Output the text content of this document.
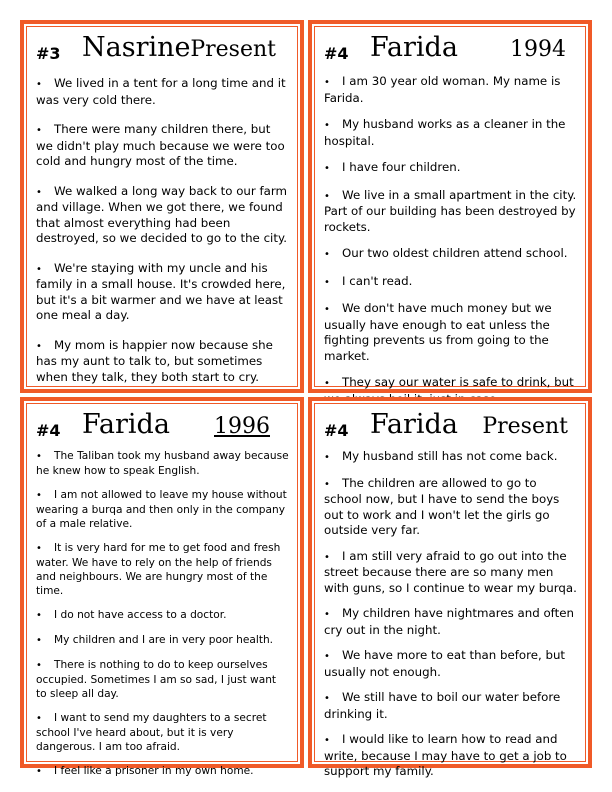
#3 Nasrine Present
• We lived in a tent for a long time and it was very cold there.
• There were many children there, but we didn't play much because we were too cold and hungry most of the time.
• We walked a long way back to our farm and village. When we got there, we found that almost everything had been destroyed, so we decided to go to the city.
• We're staying with my uncle and his family in a small house. It's crowded here, but it's a bit warmer and we have at least one meal a day.
• My mom is happier now because she has my aunt to talk to, but sometimes when they talk, they both start to cry.
#4 Farida 1994
• I am 30 year old woman. My name is Farida.
• My husband works as a cleaner in the hospital.
• I have four children.
• We live in a small apartment in the city. Part of our building has been destroyed by rockets.
• Our two oldest children attend school.
• I can't read.
• We don't have much money but we usually have enough to eat unless the fighting prevents us from going to the market.
• They say our water is safe to drink, but
#4 Farida 1996
• The Taliban took my husband away because he knew how to speak English.
• I am not allowed to leave my house without wearing a burqa and then only in the company of a male relative.
• It is very hard for me to get food and fresh water. We have to rely on the help of friends and neighbours. We are hungry most of the time.
• I do not have access to a doctor.
• My children and I are in very poor health.
• There is nothing to do to keep ourselves occupied. Sometimes I am so sad, I just want to sleep all day.
• I want to send my daughters to a secret school I've heard about, but it is very dangerous. I am too afraid.
• I feel like a prisoner in my own home.
#4 Farida Present
• My husband still has not come back.
• The children are allowed to go to school now, but I have to send the boys out to work and I won't let the girls go outside very far.
• I am still very afraid to go out into the street because there are so many men with guns, so I continue to wear my burqa.
• My children have nightmares and often cry out in the night.
• We have more to eat than before, but usually not enough.
• We still have to boil our water before drinking it.
• I would like to learn how to read and write, because I may have to get a job to support my family.
